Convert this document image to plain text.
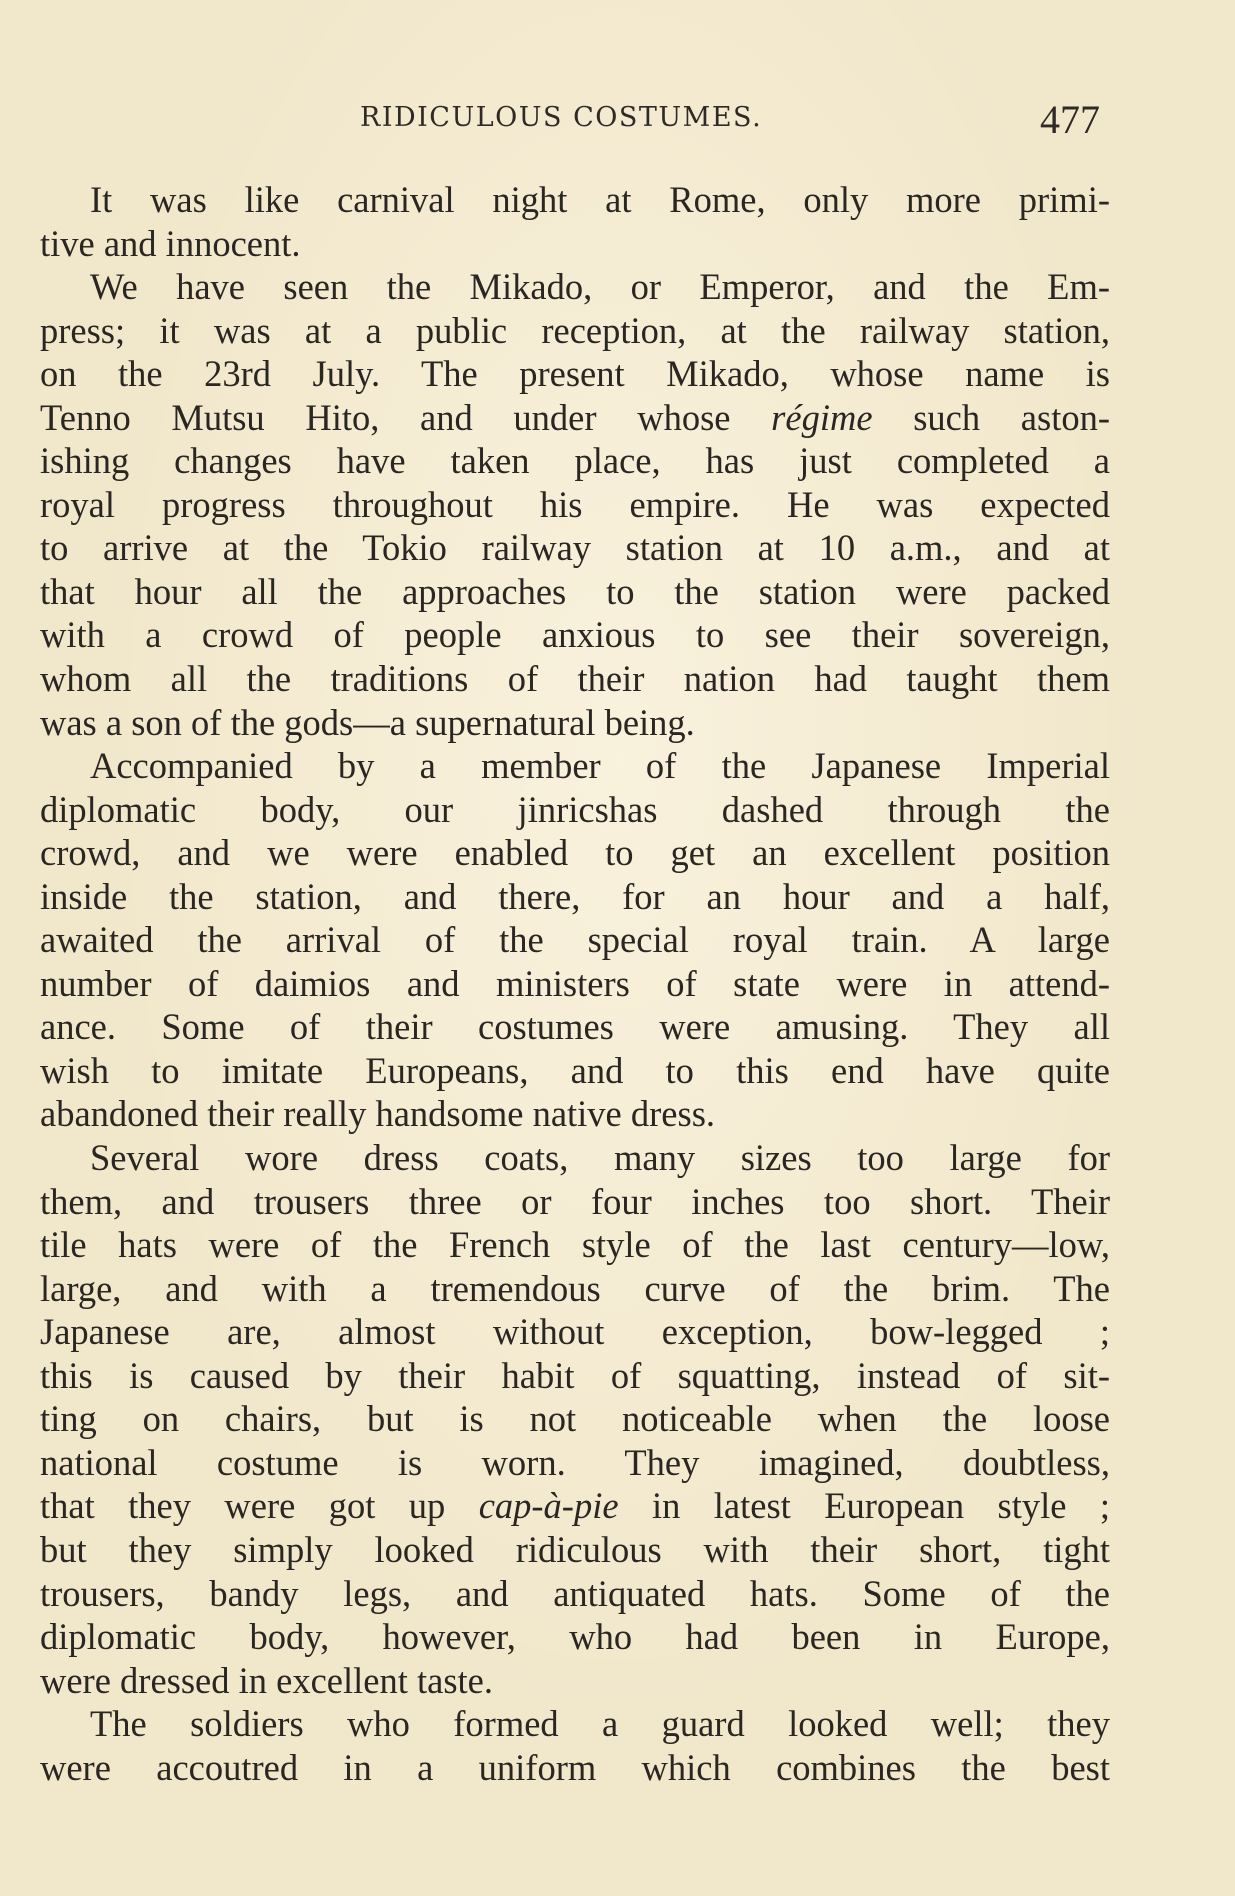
RIDICULOUS COSTUMES.	477
It was like carnival night at Rome, only more primi-
tive and innocent.
We have seen the Mikado, or Emperor, and the Em-
press; it was at a public reception, at the railway station,
on the 23rd July. The present Mikado, whose name is
Tenno Mutsu Hito, and under whose régime such aston-
ishing changes have taken place, has just completed a
royal progress throughout his empire. He was expected
to arrive at the Tokio railway station at 10 a.m., and at
that hour all the approaches to the station were packed
with a crowd of people anxious to see their sovereign,
whom all the traditions of their nation had taught them
was a son of the gods—a supernatural being.
Accompanied by a member of the Japanese Imperial
diplomatic body, our jinricshas dashed through the
crowd, and we were enabled to get an excellent position
inside the station, and there, for an hour and a half,
awaited the arrival of the special royal train. A large
number of daimios and ministers of state were in attend-
ance. Some of their costumes were amusing. They all
wish to imitate Europeans, and to this end have quite
abandoned their really handsome native dress.
Several wore dress coats, many sizes too large for
them, and trousers three or four inches too short. Their
tile hats were of the French style of the last century—low,
large, and with a tremendous curve of the brim. The
Japanese are, almost without exception, bow-legged ;
this is caused by their habit of squatting, instead of sit-
ting on chairs, but is not noticeable when the loose
national costume is worn. They imagined, doubtless,
that they were got up cap-à-pie in latest European style ;
but they simply looked ridiculous with their short, tight
trousers, bandy legs, and antiquated hats. Some of the
diplomatic body, however, who had been in Europe,
were dressed in excellent taste.
The soldiers who formed a guard looked well; they
were accoutred in a uniform which combines the best
